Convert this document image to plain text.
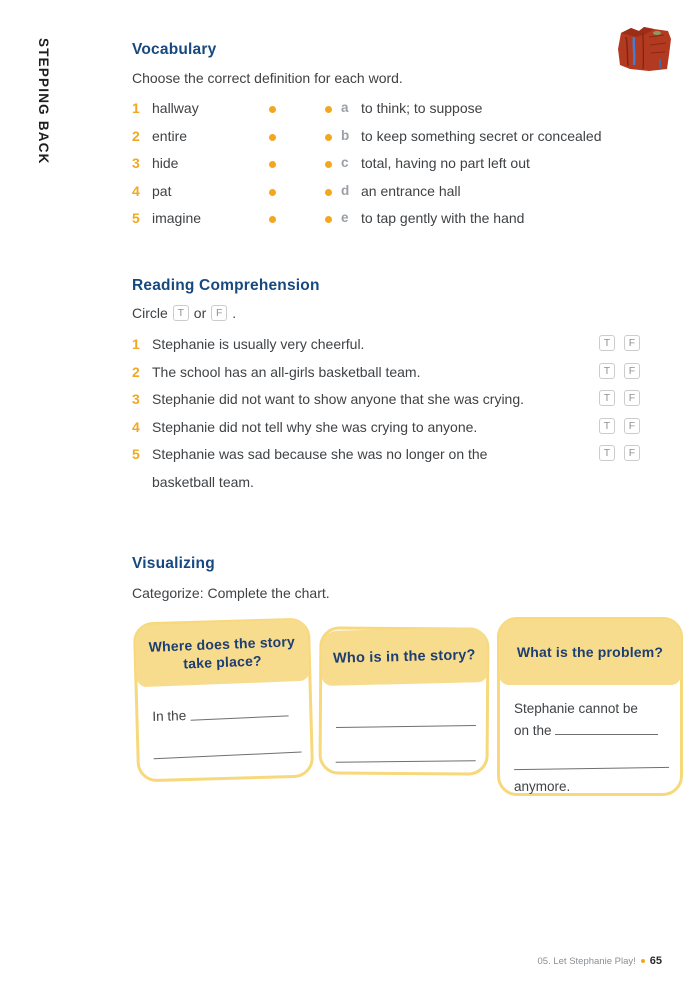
STEPPING BACK	Vocabulary
Choose the correct definition for each word.
1 hallway	a to think; to suppose
2 entire	b to keep something secret or concealed
3 hide	c total, having no part left out
4 pat	d an entrance hall
5 imagine	e to tap gently with the hand
Reading Comprehension
Circle T or F .
1 Stephanie is usually very cheerful.	T	F
2 The school has an all-girls basketball team.	T	F
3 Stephanie did not want to show anyone that she was crying.	T	F
4 Stephanie did not tell why she was crying to anyone.	T	F
5 Stephanie was sad because she was no longer on the basketball team.
T	F
Visualizing
Categorize: Complete the chart.
Where does the story take place?
In the
Who is in the story?	What is the problem?
Stephanie cannot be
on the
anymore.
05. Let Stephanie Play! 65
